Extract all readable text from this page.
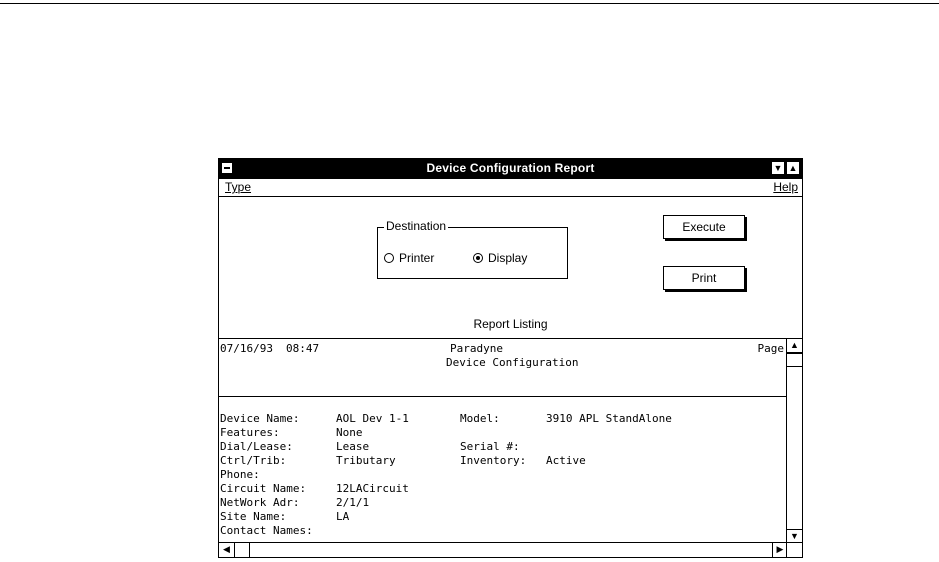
Device Configuration Report	▼ ▲
Type	Help
Destination
Printer	Display
Execute
Print
Report Listing
07/16/93 08:47	Paradyne
Device Configuration
Page
Device Name:	AOL Dev 1-1	Model:	3910 APL StandAlone
Features:	None
Dial/Lease:	Lease	Serial #:
Ctrl/Trib:	Tributary	Inventory: Active
Phone:
Circuit Name:	12LACircuit
NetWork Adr:	2/1/1
Site Name:	LA
Contact Names:
▲
▼
◀	▶
